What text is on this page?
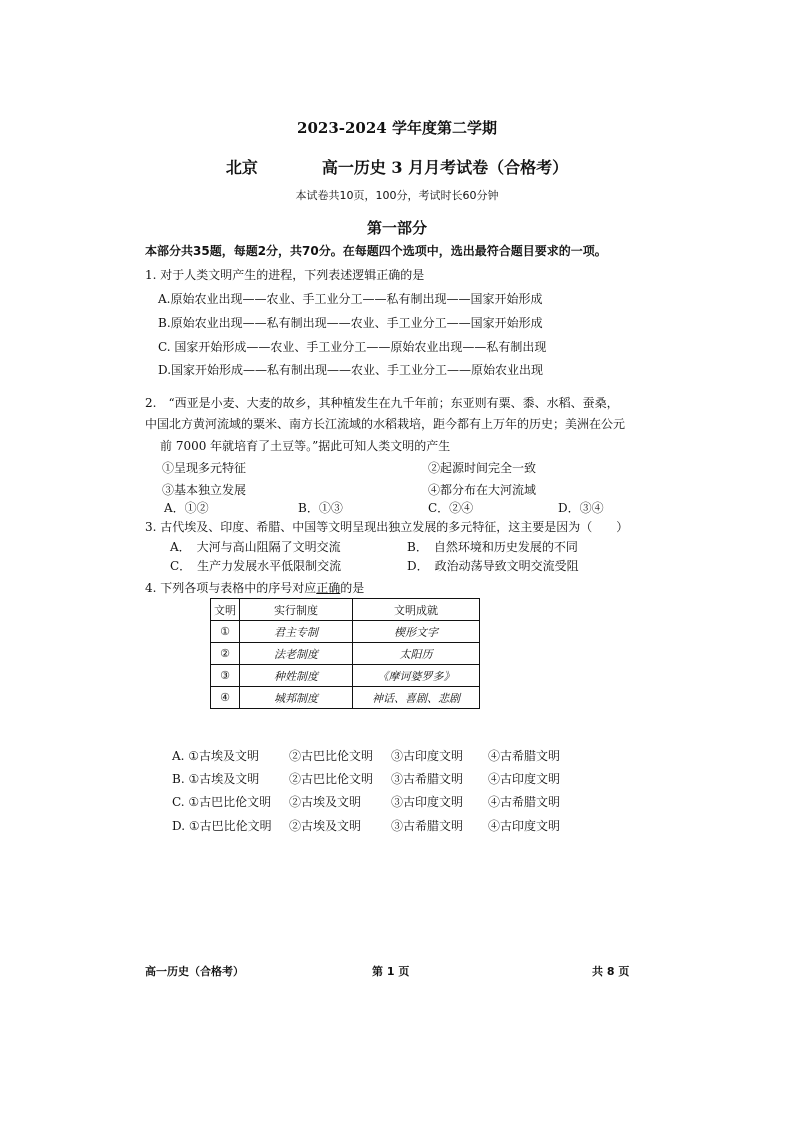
2023-2024 学年度第二学期
北京　　　　高一历史 3 月月考试卷（合格考）
本试卷共10页，100分，考试时长60分钟
第一部分
本部分共35题，每题2分，共70分。在每题四个选项中，选出最符合题目要求的一项。
1. 对于人类文明产生的进程，下列表述逻辑正确的是
A.原始农业出现——农业、手工业分工——私有制出现——国家开始形成
B.原始农业出现——私有制出现——农业、手工业分工——国家开始形成
C. 国家开始形成——农业、手工业分工——原始农业出现——私有制出现
D.国家开始形成——私有制出现——农业、手工业分工——原始农业出现
2.　“西亚是小麦、大麦的故乡，其种植发生在九千年前；东亚则有粟、黍、水稻、蚕桑，
中国北方黄河流域的粟米、南方长江流域的水稻栽培，距今都有上万年的历史；美洲在公元
前 7000 年就培育了土豆等。”据此可知人类文明的产生
①呈现多元特征	②起源时间完全一致
③基本独立发展	④都分布在大河流域
A．①②	B．①③	C．②④	D．③④
3. 古代埃及、印度、希腊、中国等文明呈现出独立发展的多元特征，这主要是因为（　　）
A．　大河与高山阻隔了文明交流	B．　自然环境和历史发展的不同
C．　生产力发展水平低限制交流	D．　政治动荡导致文明交流受阻
4. 下列各项与表格中的序号对应正确的是
文明	实行制度	文明成就
①	君主专制	楔形文字
②	法老制度	太阳历
③	种姓制度	《摩诃婆罗多》
④	城邦制度	神话、喜剧、悲剧
A. ①古埃及文明 ②古巴比伦文明 ③古印度文明 ④古希腊文明
B. ①古埃及文明 ②古巴比伦文明 ③古希腊文明 ④古印度文明
C. ①古巴比伦文明 ②古埃及文明 ③古印度文明 ④古希腊文明
D. ①古巴比伦文明 ②古埃及文明 ③古希腊文明 ④古印度文明
高一历史（合格考）	第 1 页	共 8 页
